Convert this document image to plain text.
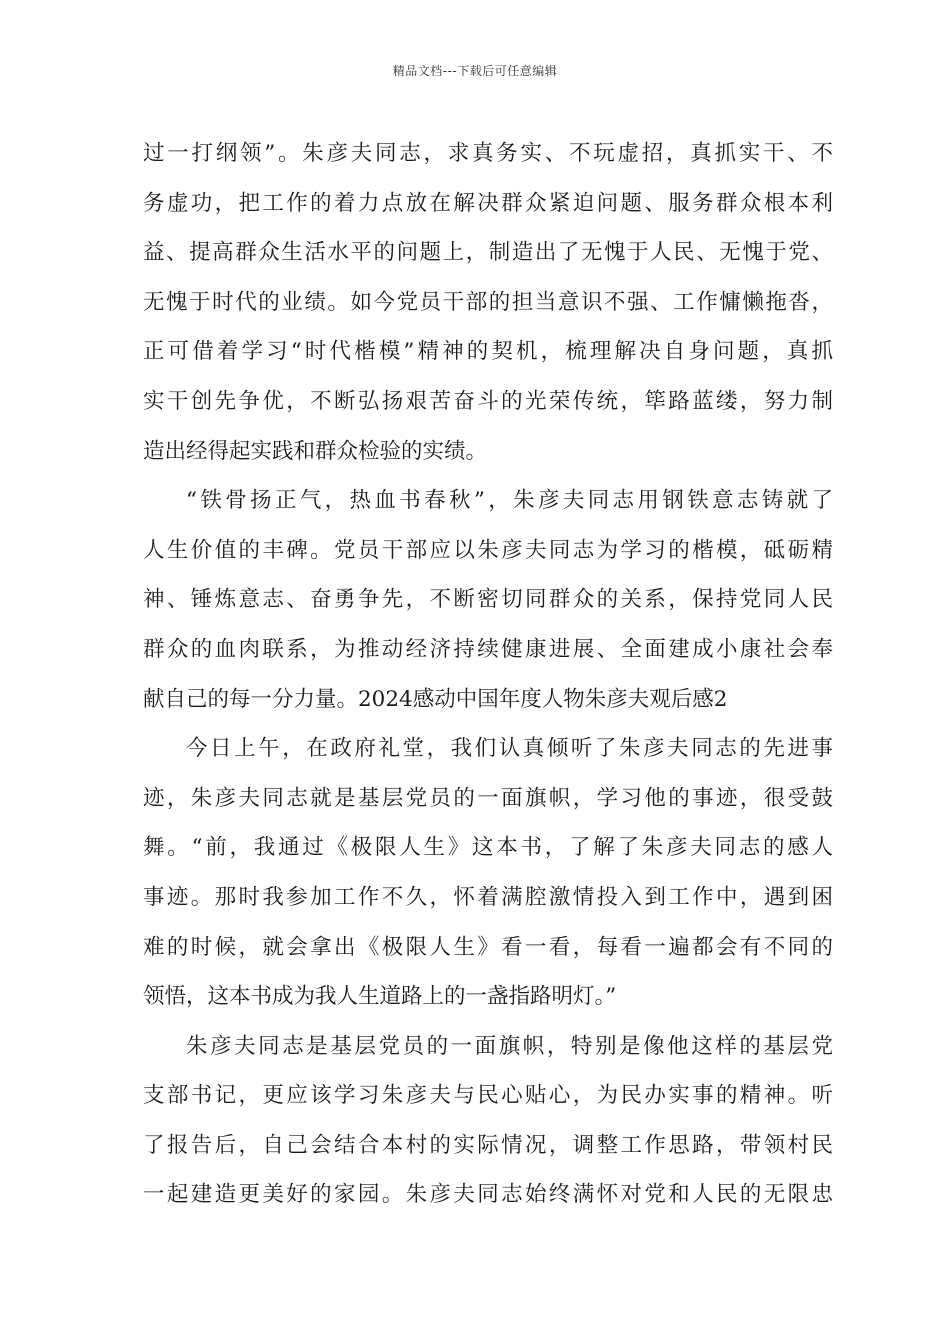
精品文档---下载后可任意编辑

过一打纲领”。朱彦夫同志，求真务实、不玩虚招，真抓实干、不
务虚功，把工作的着力点放在解决群众紧迫问题、服务群众根本利
益、提高群众生活水平的问题上，制造出了无愧于人民、无愧于党、
无愧于时代的业绩。如今党员干部的担当意识不强、工作慵懒拖沓，
正可借着学习“时代楷模”精神的契机，梳理解决自身问题，真抓
实干创先争优，不断弘扬艰苦奋斗的光荣传统，筚路蓝缕，努力制
造出经得起实践和群众检验的实绩。

“铁骨扬正气，热血书春秋”，朱彦夫同志用钢铁意志铸就了
人生价值的丰碑。党员干部应以朱彦夫同志为学习的楷模，砥砺精
神、锤炼意志、奋勇争先，不断密切同群众的关系，保持党同人民
群众的血肉联系，为推动经济持续健康进展、全面建成小康社会奉
献自己的每一分力量。2024感动中国年度人物朱彦夫观后感2

今日上午，在政府礼堂，我们认真倾听了朱彦夫同志的先进事
迹，朱彦夫同志就是基层党员的一面旗帜，学习他的事迹，很受鼓
舞。“前，我通过《极限人生》这本书，了解了朱彦夫同志的感人
事迹。那时我参加工作不久，怀着满腔激情投入到工作中，遇到困
难的时候，就会拿出《极限人生》看一看，每看一遍都会有不同的
领悟，这本书成为我人生道路上的一盏指路明灯。”

朱彦夫同志是基层党员的一面旗帜，特别是像他这样的基层党
支部书记，更应该学习朱彦夫与民心贴心，为民办实事的精神。听
了报告后，自己会结合本村的实际情况，调整工作思路，带领村民
一起建造更美好的家园。朱彦夫同志始终满怀对党和人民的无限忠
